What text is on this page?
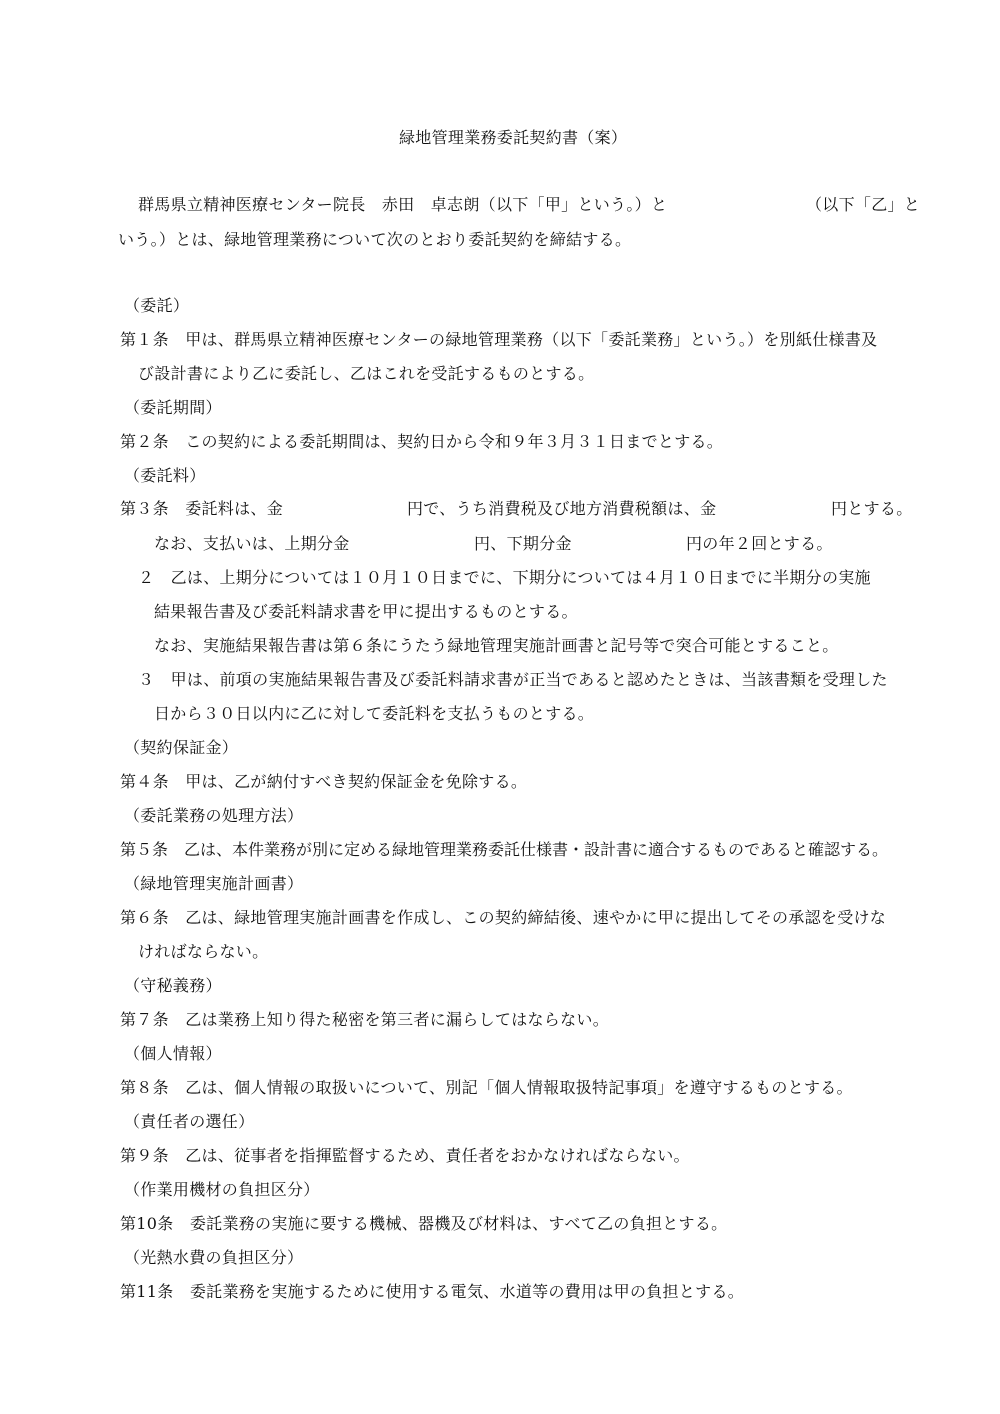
緑地管理業務委託契約書（案）
群馬県立精神医療センター院長　赤田　卓志朗（以下「甲」という。）と	（以下「乙」と
いう。）とは、緑地管理業務について次のとおり委託契約を締結する。
（委託）
第１条　甲は、群馬県立精神医療センターの緑地管理業務（以下「委託業務」という。）を別紙仕様書及
び設計書により乙に委託し、乙はこれを受託するものとする。
（委託期間）
第２条　この契約による委託期間は、契約日から令和９年３月３１日までとする。
（委託料）
第３条　委託料は、金	円で、うち消費税及び地方消費税額は、金	円とする。
なお、支払いは、上期分金	円、下期分金	円の年２回とする。
２　乙は、上期分については１０月１０日までに、下期分については４月１０日までに半期分の実施
結果報告書及び委託料請求書を甲に提出するものとする。
なお、実施結果報告書は第６条にうたう緑地管理実施計画書と記号等で突合可能とすること。
３　甲は、前項の実施結果報告書及び委託料請求書が正当であると認めたときは、当該書類を受理した
日から３０日以内に乙に対して委託料を支払うものとする。
（契約保証金）
第４条　甲は、乙が納付すべき契約保証金を免除する。
（委託業務の処理方法）
第５条　乙は、本件業務が別に定める緑地管理業務委託仕様書・設計書に適合するものであると確認する。
（緑地管理実施計画書）
第６条　乙は、緑地管理実施計画書を作成し、この契約締結後、速やかに甲に提出してその承認を受けな
ければならない。
（守秘義務）
第７条　乙は業務上知り得た秘密を第三者に漏らしてはならない。
（個人情報）
第８条　乙は、個人情報の取扱いについて、別記「個人情報取扱特記事項」を遵守するものとする。
（責任者の選任）
第９条　乙は、従事者を指揮監督するため、責任者をおかなければならない。
（作業用機材の負担区分）
第10条　委託業務の実施に要する機械、器機及び材料は、すべて乙の負担とする。
（光熱水費の負担区分）
第11条　委託業務を実施するために使用する電気、水道等の費用は甲の負担とする。
